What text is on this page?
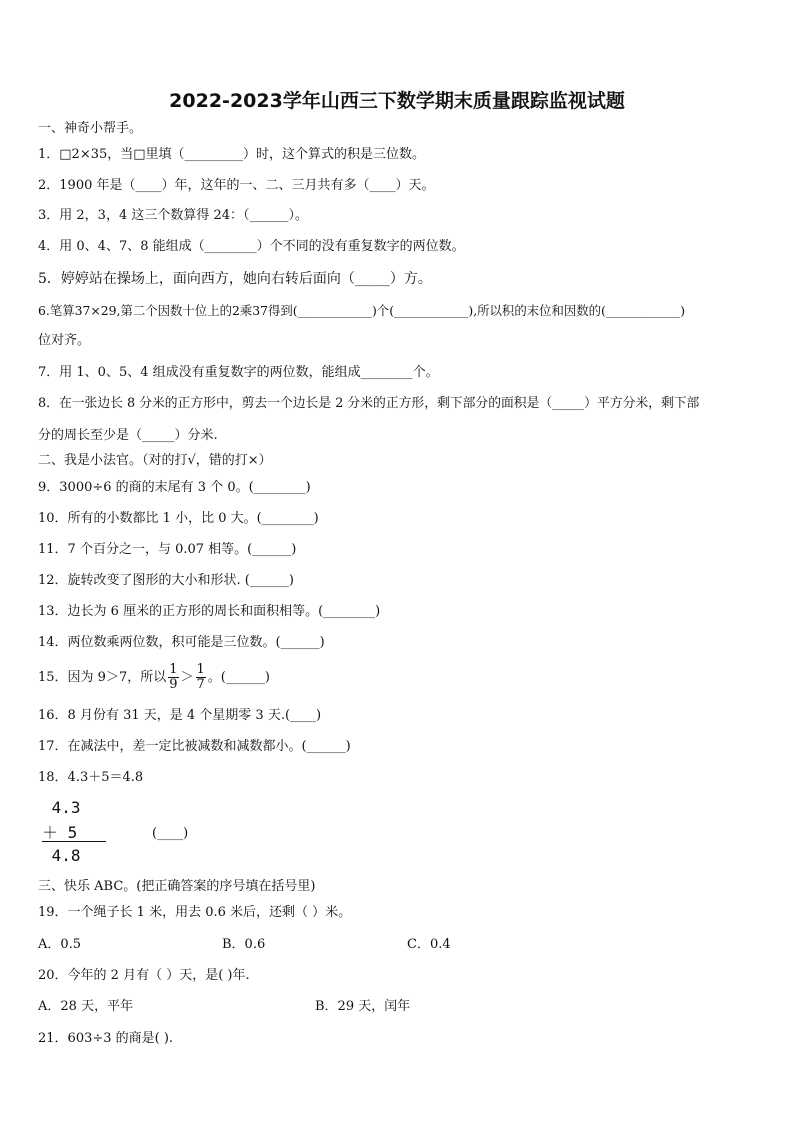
2022-2023学年山西三下数学期末质量跟踪监视试题
一、神奇小帮手。
1．□2×35，当□里填（_________）时，这个算式的积是三位数。
2．1900 年是（____）年，这年的一、二、三月共有多（____）天。
3．用 2，3，4 这三个数算得 24：（______）。
4．用 0、4、7、8 能组成（________）个不同的没有重复数字的两位数。
5．婷婷站在操场上，面向西方，她向右转后面向（_____）方。
6.笔算37×29,第二个因数十位上的2乘37得到(____________)个(____________),所以积的末位和因数的(____________)
位对齐。
7．用 1、0、5、4 组成没有重复数字的两位数，能组成________个。
8．在一张边长 8 分米的正方形中，剪去一个边长是 2 分米的正方形，剩下部分的面积是（_____）平方分米，剩下部
分的周长至少是（_____）分米.
二、我是小法官。（对的打√，错的打×）
9．3000÷6 的商的末尾有 3 个 0。(________)
10．所有的小数都比 1 小，比 0 大。(________)
11．7 个百分之一，与 0.07 相等。(______)
12．旋转改变了图形的大小和形状. (______)
13．边长为 6 厘米的正方形的周长和面积相等。(________)
14．两位数乘两位数，积可能是三位数。(______)
15．因为 9＞7，所以 $\frac{1}{9} > \frac{1}{7}$ 。(______)
16．8 月份有 31 天，是 4 个星期零 3 天.(____)
17．在减法中，差一定比被减数和减数都小。(______)
18．4.3＋5＝4.8
4.3
＋ 5
4.8
(____)
三、快乐 ABC。(把正确答案的序号填在括号里)
19．一个绳子长 1 米，用去 0.6 米后，还剩（ ）米。
A．0.5	B．0.6	C．0.4
20．今年的 2 月有（ ）天，是( )年.
A．28 天，平年	B．29 天，闰年
21．603÷3 的商是( ).
